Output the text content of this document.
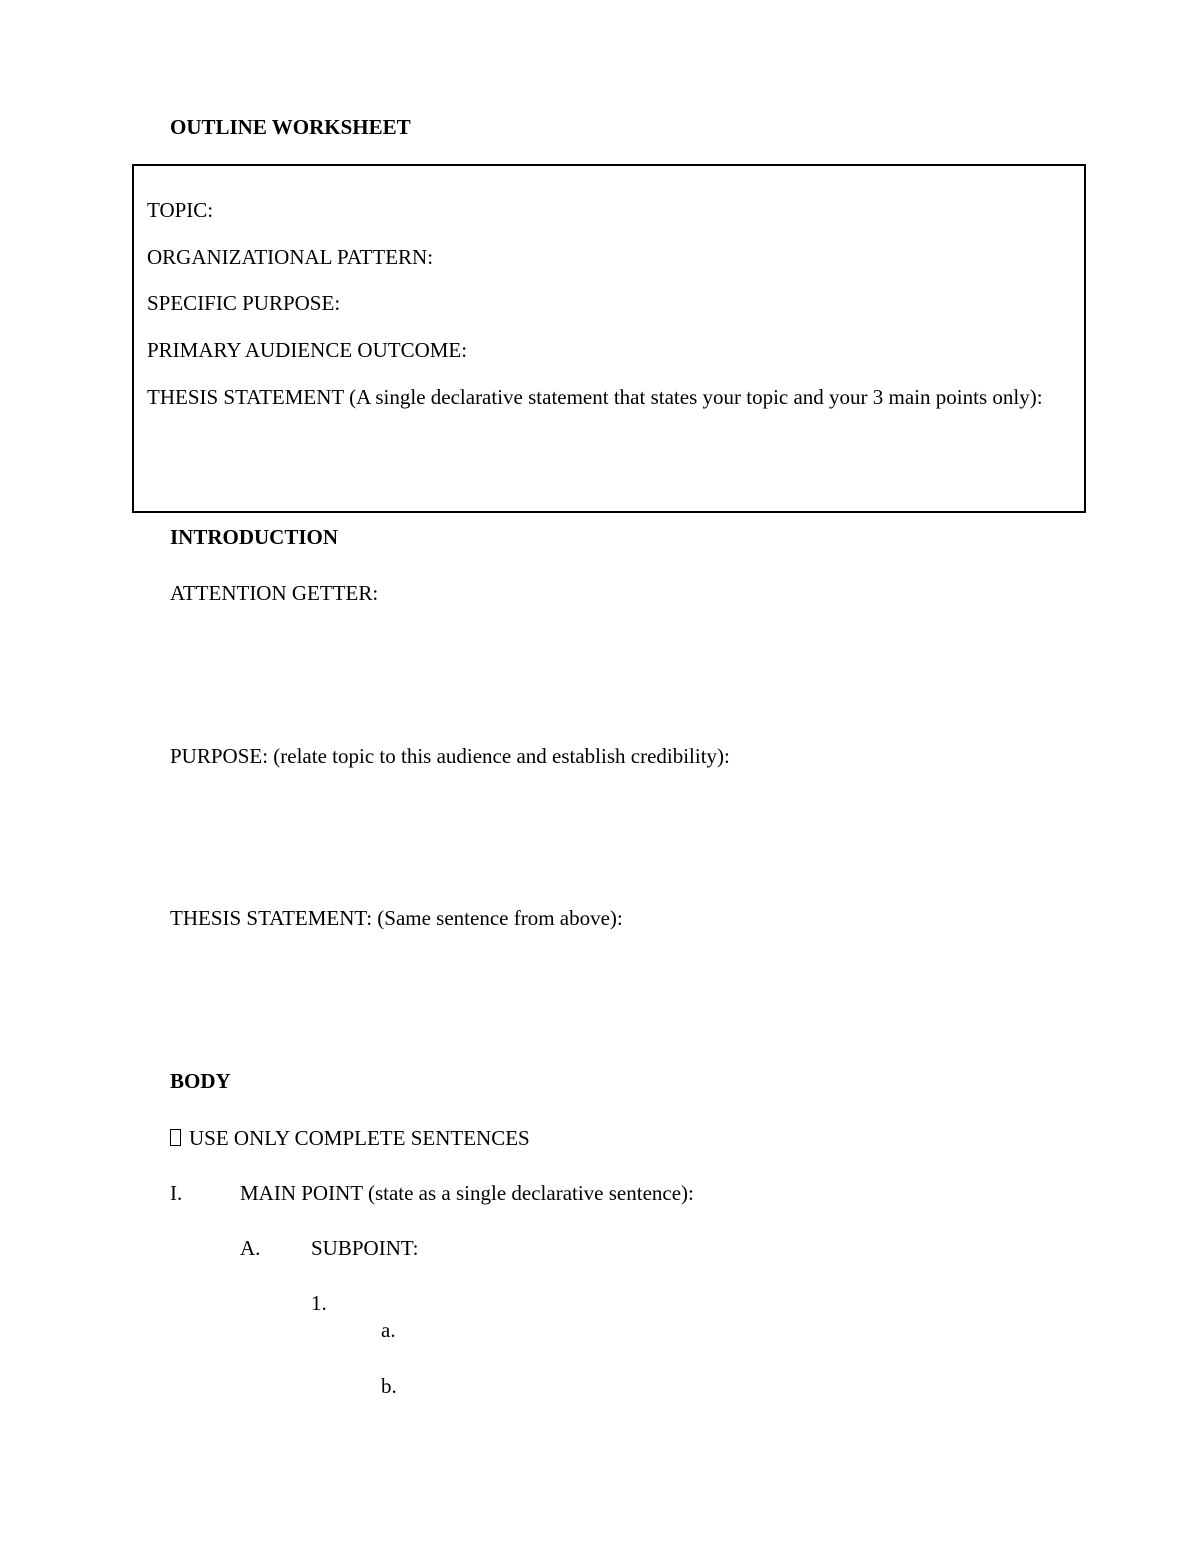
OUTLINE WORKSHEET
TOPIC:
ORGANIZATIONAL PATTERN:
SPECIFIC PURPOSE:
PRIMARY AUDIENCE OUTCOME:
THESIS STATEMENT (A single declarative statement that states your topic and your 3 main points only):
INTRODUCTION
ATTENTION GETTER:
PURPOSE: (relate topic to this audience and establish credibility):
THESIS STATEMENT: (Same sentence from above):
BODY
USE ONLY COMPLETE SENTENCES
I.	MAIN POINT (state as a single declarative sentence):
A. SUBPOINT:
1.
a.
b.
